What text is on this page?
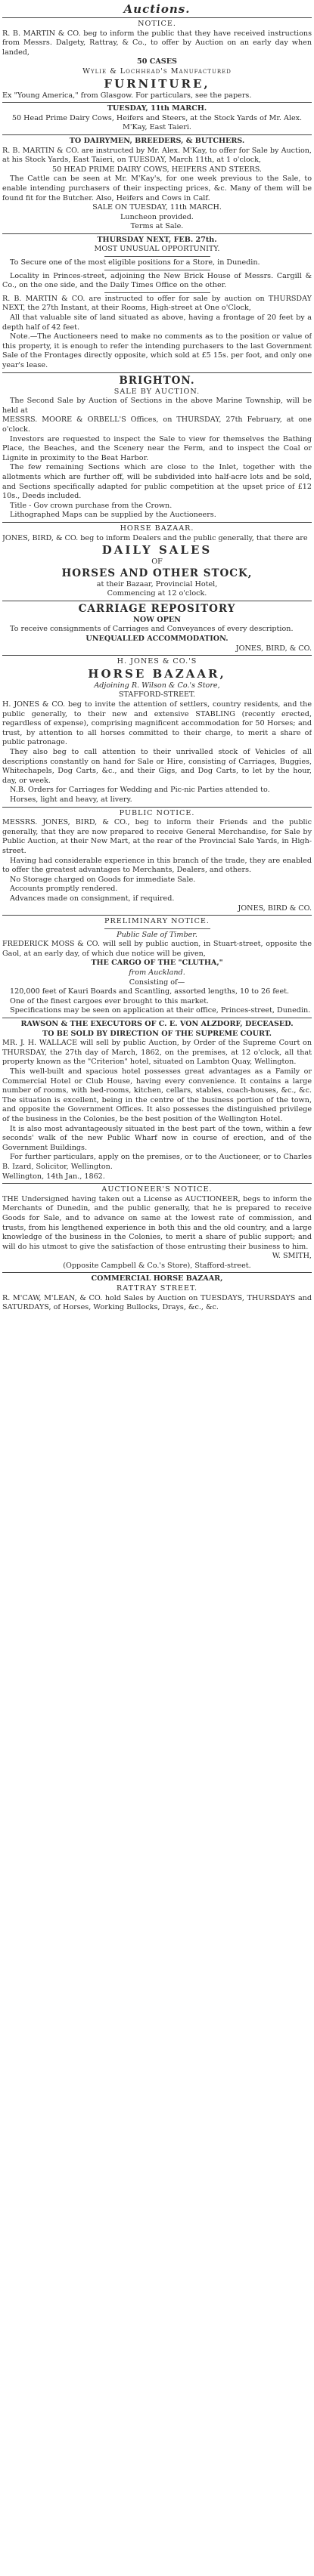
Auctions.

NOTICE.

R. B. MARTIN & CO. beg to inform the public that they have received instructions from Messrs. Dalgety, Rattray, & Co., to offer by Auction on an early day when landed,

50 CASES

Wylie & Lochhead's Manufactured

FURNITURE,

Ex "Young America," from Glasgow. For particulars, see the papers.

TUESDAY, 11th MARCH.

50 Head Prime Dairy Cows, Heifers and Steers, at the Stock Yards of Mr. Alex. M'Kay, East Taieri.

TO DAIRYMEN, BREEDERS, & BUTCHERS.

R. B. MARTIN & CO. are instructed by Mr. Alex. M'Kay, to offer for Sale by Auction, at his Stock Yards, East Taieri, on TUESDAY, March 11th, at 1 o'clock,

50 HEAD PRIME DAIRY COWS, HEIFERS AND STEERS.

The Cattle can be seen at Mr. M'Kay's, for one week previous to the Sale, to enable intending purchasers of their inspecting prices, &c. Many of them will be found fit for the Butcher. Also, Heifers and Cows in Calf.

SALE ON TUESDAY, 11th MARCH.

Luncheon provided.

Terms at Sale.

THURSDAY NEXT, FEB. 27th.

MOST UNUSUAL OPPORTUNITY.

To Secure one of the most eligible positions for a Store, in Dunedin.

Locality in Princes-street, adjoining the New Brick House of Messrs. Cargill & Co., on the one side, and the Daily Times Office on the other.

R. B. MARTIN & CO. are instructed to offer for sale by auction on THURSDAY NEXT, the 27th Instant, at their Rooms, High-street at One o'Clock,

All that valuable site of land situated as above, having a frontage of 20 feet by a depth half of 42 feet.

Note.—The Auctioneers need to make no comments as to the position or value of this property, it is enough to refer the intending purchasers to the last Government Sale of the Frontages directly opposite, which sold at £5 15s. per foot, and only one year's lease.

BRIGHTON.

SALE BY AUCTION.

The Second Sale by Auction of Sections in the above Marine Township, will be held at

MESSRS. MOORE & ORBELL'S Offices, on THURSDAY, 27th February, at one o'clock.

Investors are requested to inspect the Sale to view for themselves the Bathing Place, the Beaches, and the Scenery near the Ferm, and to inspect the Coal or Lignite in proximity to the Beat Harbor.

The few remaining Sections which are close to the Inlet, together with the allotments which are further off, will be subdivided into half-acre lots and be sold, and Sections specifically adapted for public competition at the upset price of £12 10s., Deeds included.

Title - Gov crown purchase from the Crown.

Lithographed Maps can be supplied by the Auctioneers.

HORSE BAZAAR.

JONES, BIRD, & CO. beg to inform Dealers and the public generally, that there are

DAILY SALES

OF

HORSES AND OTHER STOCK,

at their Bazaar, Provincial Hotel,

Commencing at 12 o'clock.

CARRIAGE REPOSITORY

NOW OPEN

To receive consignments of Carriages and Conveyances of every description.

UNEQUALLED ACCOMMODATION.

JONES, BIRD, & CO.

H. JONES & CO.'S

HORSE BAZAAR,

Adjoining R. Wilson & Co.'s Store,

STAFFORD-STREET.

H. JONES & CO. beg to invite the attention of settlers, country residents, and the public generally, to their new and extensive STABLING (recently erected, regardless of expense), comprising magnificent accommodation for 50 Horses; and trust, by attention to all horses committed to their charge, to merit a share of public patronage.

They also beg to call attention to their unrivalled stock of Vehicles of all descriptions constantly on hand for Sale or Hire, consisting of Carriages, Buggies, Whitechapels, Dog Carts, &c., and their Gigs, and Dog Carts, to let by the hour, day, or week.

N.B. Orders for Carriages for Wedding and Pic-nic Parties attended to.

Horses, light and heavy, at livery.

PUBLIC NOTICE.

MESSRS. JONES, BIRD, & CO., beg to inform their Friends and the public generally, that they are now prepared to receive General Merchandise, for Sale by Public Auction, at their New Mart, at the rear of the Provincial Sale Yards, in High-street.

Having had considerable experience in this branch of the trade, they are enabled to offer the greatest advantages to Merchants, Dealers, and others.

No Storage charged on Goods for immediate Sale.

Accounts promptly rendered.

Advances made on consignment, if required.

JONES, BIRD & CO.

PRELIMINARY NOTICE.

Public Sale of Timber.

FREDERICK MOSS & CO. will sell by public auction, in Stuart-street, opposite the Gaol, at an early day, of which due notice will be given,

THE CARGO OF THE "CLUTHA,"

from Auckland.

Consisting of—

120,000 feet of Kauri Boards and Scantling, assorted lengths, 10 to 26 feet.

One of the finest cargoes ever brought to this market.

Specifications may be seen on application at their office, Princes-street, Dunedin.

RAWSON & THE EXECUTORS OF C. E. VON ALZDORF, DECEASED.

TO BE SOLD BY DIRECTION OF THE SUPREME COURT.

MR. J. H. WALLACE will sell by public Auction, by Order of the Supreme Court on THURSDAY, the 27th day of March, 1862, on the premises, at 12 o'clock, all that property known as the "Criterion" hotel, situated on Lambton Quay, Wellington.

This well-built and spacious hotel possesses great advantages as a Family or Commercial Hotel or Club House, having every convenience. It contains a large number of rooms, with bed-rooms, kitchen, cellars, stables, coach-houses, &c., &c. The situation is excellent, being in the centre of the business portion of the town, and opposite the Government Offices. It also possesses the distinguished privilege of the business in the Colonies, be the best position of the Wellington Hotel.

It is also most advantageously situated in the best part of the town, within a few seconds' walk of the new Public Wharf now in course of erection, and of the Government Buildings.

For further particulars, apply on the premises, or to the Auctioneer, or to Charles B. Izard, Solicitor, Wellington.

Wellington, 14th Jan., 1862.

AUCTIONEER'S NOTICE.

THE Undersigned having taken out a License as AUCTIONEER, begs to inform the Merchants of Dunedin, and the public generally, that he is prepared to receive Goods for Sale, and to advance on same at the lowest rate of commission, and trusts, from his lengthened experience in both this and the old country, and a large knowledge of the business in the Colonies, to merit a share of public support; and will do his utmost to give the satisfaction of those entrusting their business to him.

W. SMITH,

(Opposite Campbell & Co.'s Store), Stafford-street.

COMMERCIAL HORSE BAZAAR,

RATTRAY STREET.

R. M'CAW, M'LEAN, & CO. hold Sales by Auction on TUESDAYS, THURSDAYS and SATURDAYS, of Horses, Working Bullocks, Drays, &c., &c.
